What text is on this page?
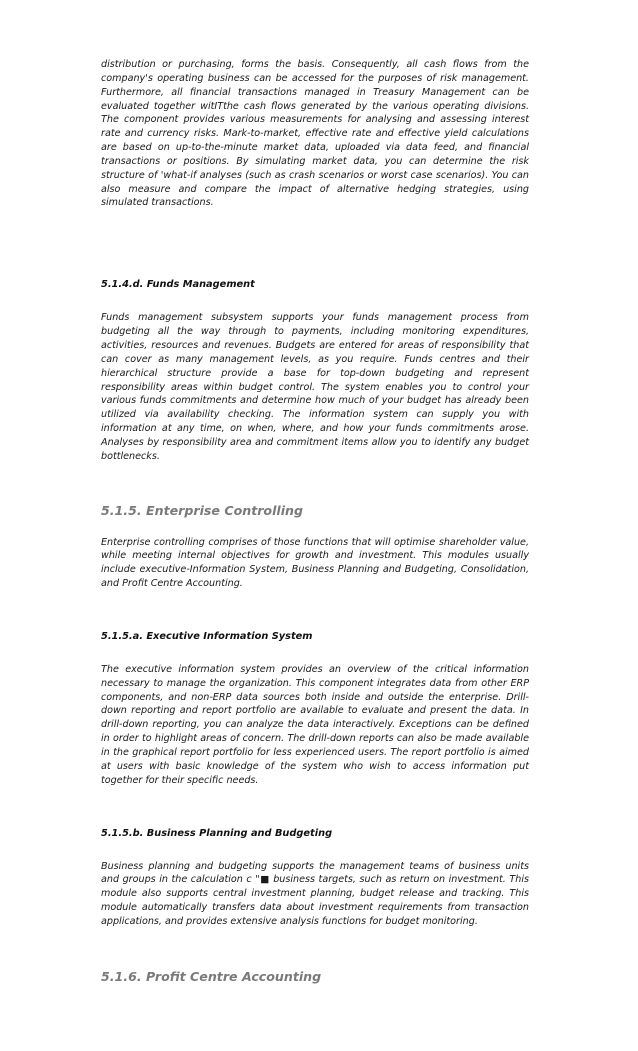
distribution or purchasing, forms the basis. Consequently, all cash flows from the company's operating business can be accessed for the purposes of risk management. Furthermore, all financial transactions managed in Treasury Management can be evaluated together witITthe cash flows generated by the various operating divisions. The component provides various measurements for analysing and assessing interest rate and currency risks. Mark-to-market, effective rate and effective yield calculations are based on up-to-the-minute market data, uploaded via data feed, and financial transactions or positions. By simulating market data, you can determine the risk structure of 'what-if analyses (such as crash scenarios or worst case scenarios). You can also measure and compare the impact of alternative hedging strategies, using simulated transactions.

5.1.4.d. Funds Management

Funds management subsystem supports your funds management process from budgeting all the way through to payments, including monitoring expenditures, activities, resources and revenues. Budgets are entered for areas of responsibility that can cover as many management levels, as you require. Funds centres and their hierarchical structure provide a base for top-down budgeting and represent responsibility areas within budget control. The system enables you to control your various funds commitments and determine how much of your budget has already been utilized via availability checking. The information system can supply you with information at any time, on when, where, and how your funds commitments arose. Analyses by responsibility area and commitment items allow you to identify any budget bottlenecks.

5.1.5. Enterprise Controlling

Enterprise controlling comprises of those functions that will optimise shareholder value, while meeting internal objectives for growth and investment. This modules usually include executive-Information System, Business Planning and Budgeting, Consolidation, and Profit Centre Accounting.

5.1.5.a. Executive Information System

The executive information system provides an overview of the critical information necessary to manage the organization. This component integrates data from other ERP components, and non-ERP data sources both inside and outside the enterprise. Drill-down reporting and report portfolio are available to evaluate and present the data. In drill-down reporting, you can analyze the data interactively. Exceptions can be defined in order to highlight areas of concern. The drill-down reports can also be made available in the graphical report portfolio for less experienced users. The report portfolio is aimed at users with basic knowledge of the system who wish to access information put together for their specific needs.

5.1.5.b. Business Planning and Budgeting

Business planning and budgeting supports the management teams of business units and groups in the calculation c "■ business targets, such as return on investment. This module also supports central investment planning, budget release and tracking. This module automatically transfers data about investment requirements from transaction applications, and provides extensive analysis functions for budget monitoring.

5.1.6. Profit Centre Accounting
